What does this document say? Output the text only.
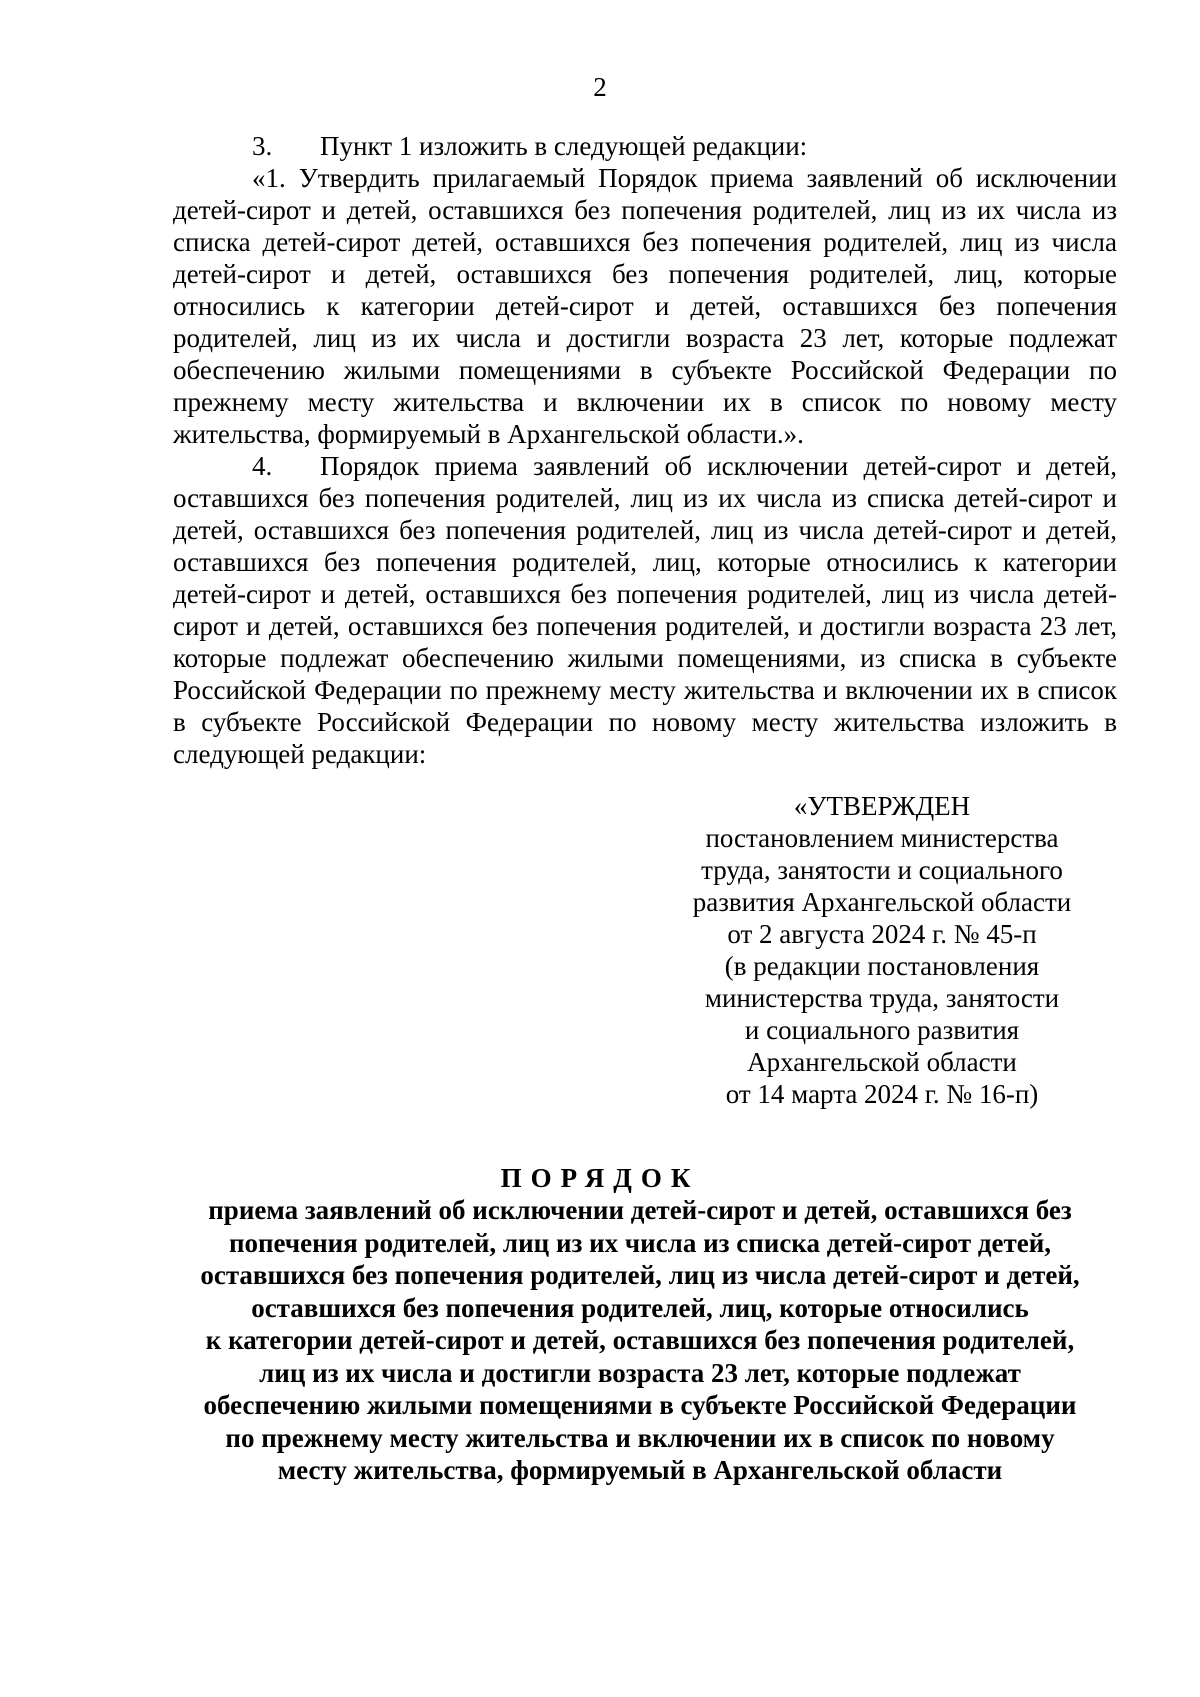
2

3. Пункт 1 изложить в следующей редакции:

«1. Утвердить прилагаемый Порядок приема заявлений об исключении детей-сирот и детей, оставшихся без попечения родителей, лиц из их числа из списка детей-сирот детей, оставшихся без попечения родителей, лиц из числа детей-сирот и детей, оставшихся без попечения родителей, лиц, которые относились к категории детей-сирот и детей, оставшихся без попечения родителей, лиц из их числа и достигли возраста 23 лет, которые подлежат обеспечению жилыми помещениями в субъекте Российской Федерации по прежнему месту жительства и включении их в список по новому месту жительства, формируемый в Архангельской области.».

4. Порядок приема заявлений об исключении детей-сирот и детей, оставшихся без попечения родителей, лиц из их числа из списка детей-сирот и детей, оставшихся без попечения родителей, лиц из числа детей-сирот и детей, оставшихся без попечения родителей, лиц, которые относились к категории детей-сирот и детей, оставшихся без попечения родителей, лиц из числа детей-сирот и детей, оставшихся без попечения родителей, и достигли возраста 23 лет, которые подлежат обеспечению жилыми помещениями, из списка в субъекте Российской Федерации по прежнему месту жительства и включении их в список в субъекте Российской Федерации по новому месту жительства изложить в следующей редакции:

«УТВЕРЖДЕН
постановлением министерства
труда, занятости и социального
развития Архангельской области
от 2 августа 2024 г. № 45-п
(в редакции постановления
министерства труда, занятости
и социального развития
Архангельской области
от 14 марта 2024 г. № 16-п)
ПОРЯДОК
приема заявлений об исключении детей-сирот и детей, оставшихся без
попечения родителей, лиц из их числа из списка детей-сирот детей,
оставшихся без попечения родителей, лиц из числа детей-сирот и детей,
оставшихся без попечения родителей, лиц, которые относились
к категории детей-сирот и детей, оставшихся без попечения родителей,
лиц из их числа и достигли возраста 23 лет, которые подлежат
обеспечению жилыми помещениями в субъекте Российской Федерации
по прежнему месту жительства и включении их в список по новому
месту жительства, формируемый в Архангельской области
